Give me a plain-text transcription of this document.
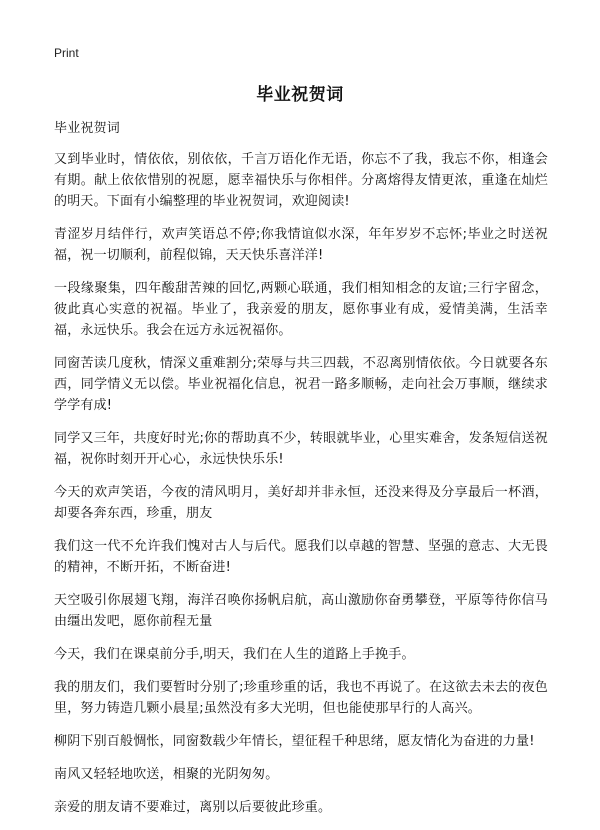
Print
毕业祝贺词

毕业祝贺词

又到毕业时，情依依，别依依，千言万语化作无语，你忘不了我，我忘不你，相逢会有期。献上依依惜别的祝愿，愿幸福快乐与你相伴。分离熔得友情更浓，重逢在灿烂的明天。下面有小编整理的毕业祝贺词，欢迎阅读!

青涩岁月结伴行，欢声笑语总不停;你我情谊似水深，年年岁岁不忘怀;毕业之时送祝福，祝一切顺利，前程似锦，天天快乐喜洋洋!

一段缘聚集，四年酸甜苦辣的回忆,两颗心联通，我们相知相念的友谊;三行字留念，彼此真心实意的祝福。毕业了，我亲爱的朋友，愿你事业有成，爱情美满，生活幸福，永远快乐。我会在远方永远祝福你。

同窗苦读几度秋，情深义重难割分;荣辱与共三四载，不忍离别情依依。今日就要各东西，同学情义无以偿。毕业祝福化信息，祝君一路多顺畅，走向社会万事顺，继续求学学有成!

同学又三年，共度好时光;你的帮助真不少，转眼就毕业，心里实难舍，发条短信送祝福，祝你时刻开开心心，永远快快乐乐!

今天的欢声笑语，今夜的清风明月，美好却并非永恒，还没来得及分享最后一杯酒，却要各奔东西，珍重，朋友

我们这一代不允许我们愧对古人与后代。愿我们以卓越的智慧、坚强的意志、大无畏的精神，不断开拓，不断奋进!

天空吸引你展翅飞翔，海洋召唤你扬帆启航，高山激励你奋勇攀登，平原等待你信马由缰出发吧，愿你前程无量

今天，我们在课桌前分手,明天，我们在人生的道路上手挽手。

我的朋友们，我们要暂时分别了;珍重珍重的话，我也不再说了。在这欲去未去的夜色里，努力铸造几颗小晨星;虽然没有多大光明，但也能使那早行的人高兴。

柳阴下别百般惆怅，同窗数载少年情长，望征程千种思绪，愿友情化为奋进的力量!

南风又轻轻地吹送，相聚的光阴匆匆。

亲爱的朋友请不要难过，离别以后要彼此珍重。
